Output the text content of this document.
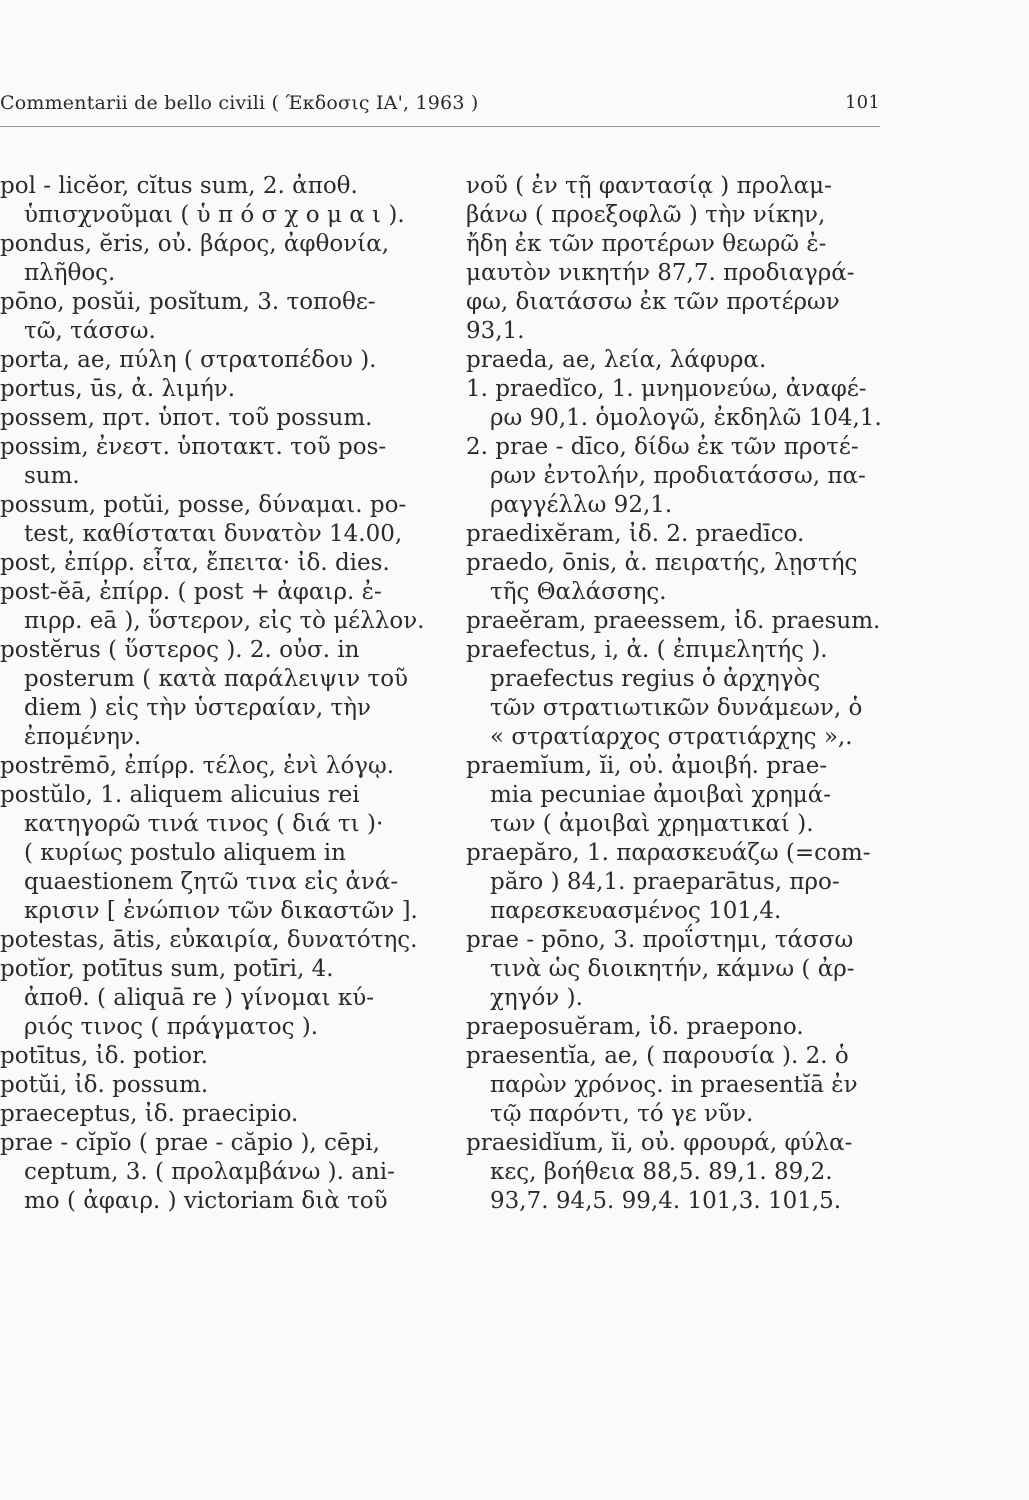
Commentarii de bello civili ( Έκδοσις ΙΑ', 1963 )	101

pol - licĕor, cĭtus sum, 2. ἀποθ.

ὑπισχνοῦμαι ( ὑ π ό σ χ ο μ α ι ).

pondus, ĕris, οὐ. βάρος, ἀφθονία,

πλῆθος.

pōno, posŭi, posĭtum, 3. τοποθε-

τῶ, τάσσω.

porta, ae, πύλη ( στρατοπέδου ).

portus, ūs, ἀ. λιμήν.

possem, πρτ. ὑποτ. τοῦ possum.

possim, ἐνεστ. ὑποτακτ. τοῦ pos-

sum.

possum, potŭi, posse, δύναμαι. po-

test, καθίσταται δυνατὸν 14.00,

post, ἐπίρρ. εἶτα, ἔπειτα· ἰδ. dies.

post-ĕā, ἐπίρρ. ( post + ἀφαιρ. ἐ-

πιρρ. eā ), ὕστερον, εἰς τὸ μέλλον.

postĕrus ( ὕστερος ). 2. οὐσ. in

posterum ( κατὰ παράλειψιν τοῦ

diem ) εἰς τὴν ὑστεραίαν, τὴν

ἐπομένην.

postrēmō, ἐπίρρ. τέλος, ἐνὶ λόγῳ.

postŭlo, 1. aliquem alicuius rei

κατηγορῶ τινά τινος ( διά τι )·

( κυρίως postulo aliquem in

quaestionem ζητῶ τινα εἰς ἀνά-

κρισιν [ ἐνώπιον τῶν δικαστῶν ].

potestas, ātis, εὐκαιρία, δυνατότης.

potĭor, potītus sum, potīri, 4.

ἀποθ. ( aliquā re ) γίνομαι κύ-

ριός τινος ( πράγματος ).

potītus, ἰδ. potior.

potŭi, ἰδ. possum.

praeceptus, ἰδ. praecipio.

prae - cĭpĭo ( prae - căpio ), cēpi,

ceptum, 3. ( προλαμβάνω ). ani-

mo ( ἀφαιρ. ) victoriam διὰ τοῦ

νοῦ ( ἐν τῇ φαντασίᾳ ) προλαμ-

βάνω ( προεξοφλῶ ) τὴν νίκην,

ἤδη ἐκ τῶν προτέρων θεωρῶ ἐ-

μαυτὸν νικητήν 87,7. προδιαγρά-

φω, διατάσσω ἐκ τῶν προτέρων

93,1.

praeda, ae, λεία, λάφυρα.

1. praedĭco, 1. μνημονεύω, ἀναφέ-

ρω 90,1. ὁμολογῶ, ἐκδηλῶ 104,1.

2. prae - dīco, δίδω ἐκ τῶν προτέ-

ρων ἐντολήν, προδιατάσσω, πα-

ραγγέλλω 92,1.

praedixĕram, ἰδ. 2. praedīco.

praedo, ōnis, ἀ. πειρατής, λῃστής

τῆς Θαλάσσης.

praeĕram, praeessem, ἰδ. praesum.

praefectus, i, ἀ. ( ἐπιμελητής ).

praefectus regius ὁ ἀρχηγὸς

τῶν στρατιωτικῶν δυνάμεων, ὁ

« στρατίαρχος στρατιάρχης »,.

praemĭum, ĭi, οὐ. ἀμοιβή. prae-

mia pecuniae ἀμοιβαὶ χρημά-

των ( ἀμοιβαὶ χρηματικαί ).

praepăro, 1. παρασκευάζω (=com-

păro ) 84,1. praeparātus, προ-

παρεσκευασμένος 101,4.

prae - pōno, 3. προΐστημι, τάσσω

τινὰ ὡς διοικητήν, κάμνω ( ἀρ-

χηγόν ).

praeposuĕram, ἰδ. praepono.

praesentĭa, ae, ( παρουσία ). 2. ὁ

παρὼν χρόνος. in praesentĭā ἐν

τῷ παρόντι, τό γε νῦν.

praesidĭum, ĭi, οὐ. φρουρά, φύλα-

κες, βοήθεια 88,5. 89,1. 89,2.

93,7. 94,5. 99,4. 101,3. 101,5.
